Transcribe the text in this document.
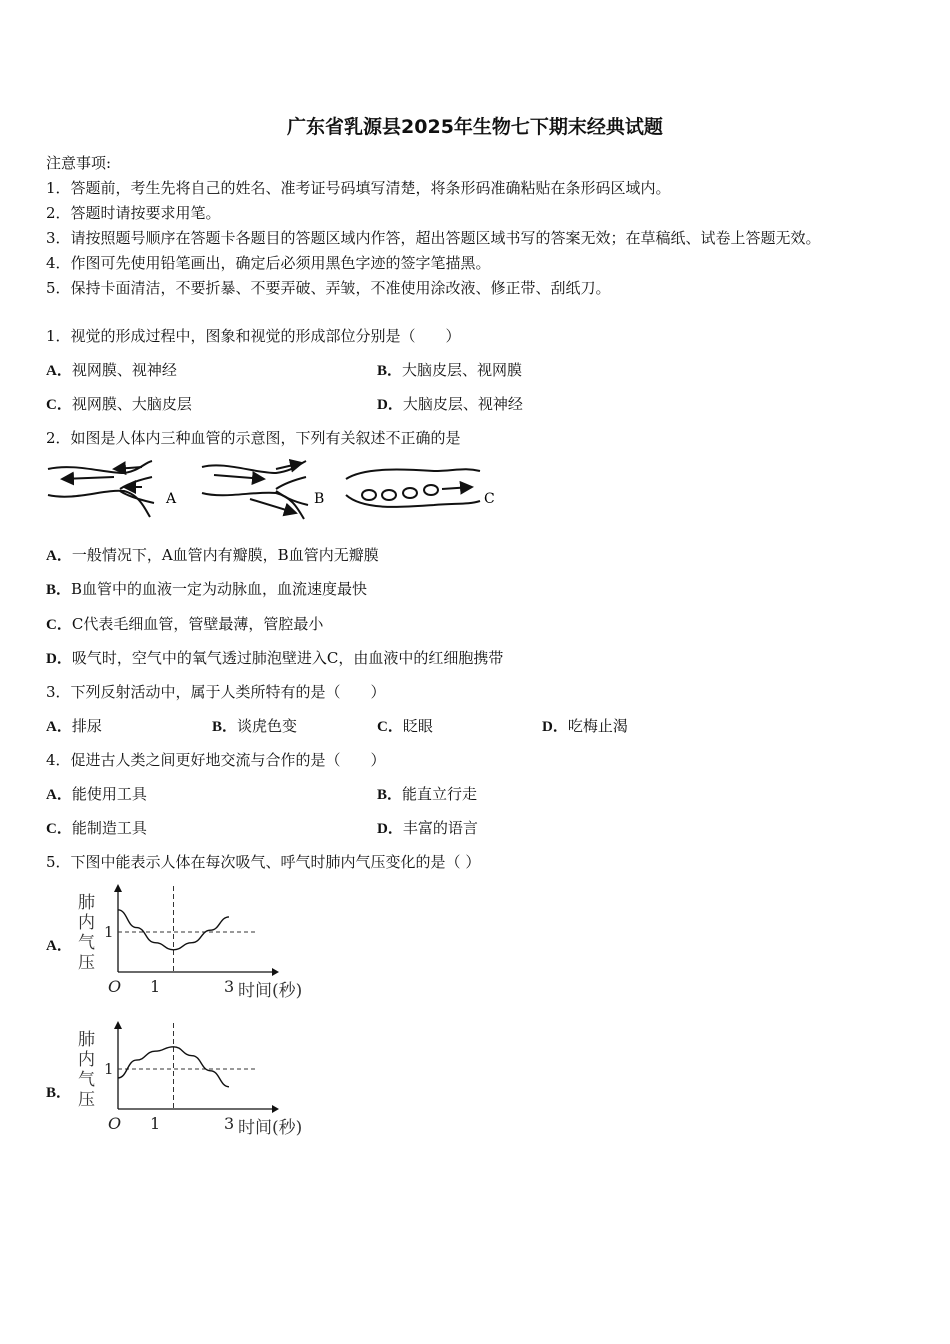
广东省乳源县2025年生物七下期末经典试题
注意事项:
1．答题前，考生先将自己的姓名、准考证号码填写清楚，将条形码准确粘贴在条形码区域内。
2．答题时请按要求用笔。
3．请按照题号顺序在答题卡各题目的答题区域内作答，超出答题区域书写的答案无效；在草稿纸、试卷上答题无效。
4．作图可先使用铅笔画出，确定后必须用黑色字迹的签字笔描黑。
5．保持卡面清洁，不要折暴、不要弄破、弄皱，不准使用涂改液、修正带、刮纸刀。
1．视觉的形成过程中，图象和视觉的形成部位分别是（　　）
A．视网膜、视神经	B．大脑皮层、视网膜
C．视网膜、大脑皮层	D．大脑皮层、视神经
2．如图是人体内三种血管的示意图，下列有关叙述不正确的是
A	B	C
A．一般情况下，A血管内有瓣膜，B血管内无瓣膜
B．B血管中的血液一定为动脉血，血流速度最快
C．C代表毛细血管，管壁最薄，管腔最小
D．吸气时，空气中的氧气透过肺泡壁进入C，由血液中的红细胞携带
3．下列反射活动中，属于人类所特有的是（　　）
A．排尿	B．谈虎色变	C．眨眼	D．吃梅止渴
4．促进古人类之间更好地交流与合作的是（　　）
A．能使用工具	B．能直立行走
C．能制造工具	D．丰富的语言
5．下图中能表示人体在每次吸气、呼气时肺内气压变化的是（ ）
A．
肺
内
气
压
1
O 1	3 时间(秒)
B．
肺
内
气
压
1
O 1	3 时间(秒)
